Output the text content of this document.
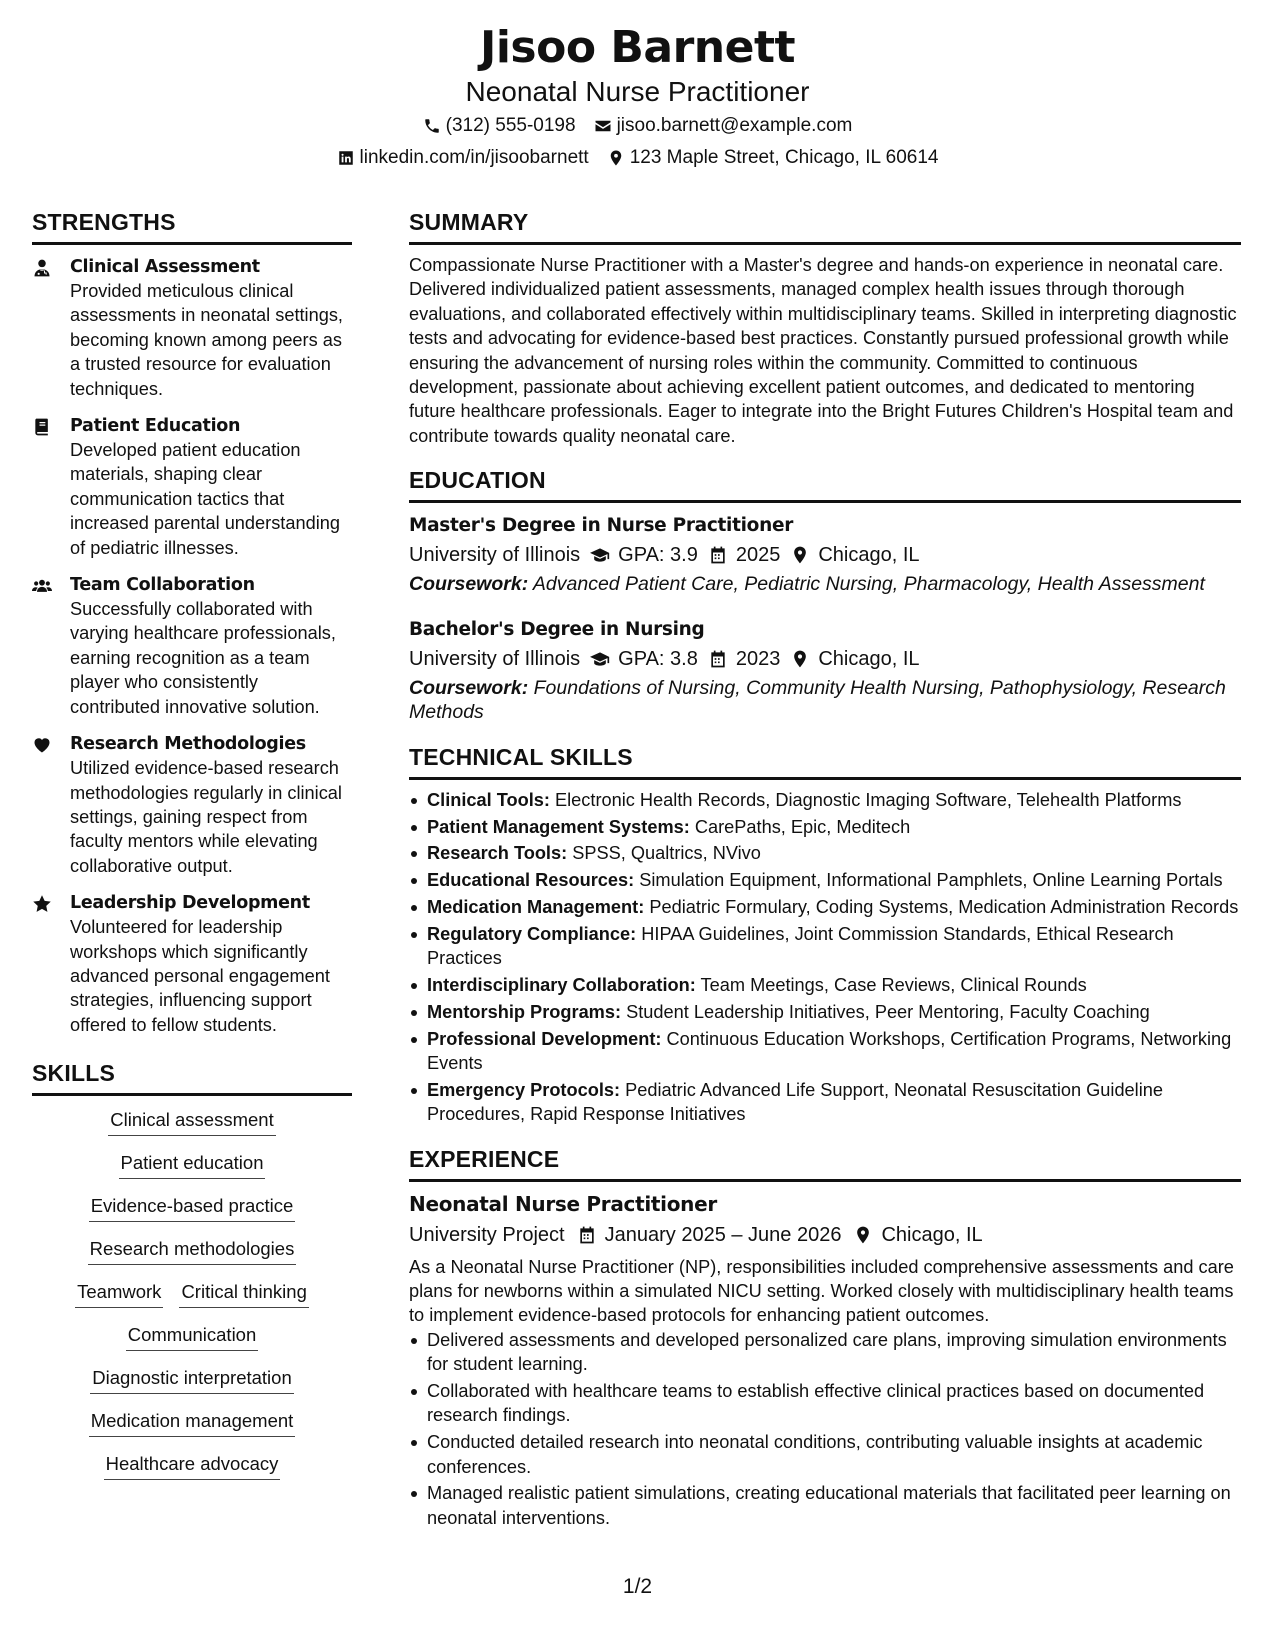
Jisoo Barnett
Neonatal Nurse Practitioner
(312) 555-0198 jisoo.barnett@example.com
linkedin.com/in/jisoobarnett 123 Maple Street, Chicago, IL 60614
STRENGTHS
Clinical Assessment
Provided meticulous clinical assessments in neonatal settings, becoming known among peers as a trusted resource for evaluation techniques.
Patient Education
Developed patient education materials, shaping clear communication tactics that increased parental understanding of pediatric illnesses.
Team Collaboration
Successfully collaborated with varying healthcare professionals, earning recognition as a team player who consistently contributed innovative solution.
Research Methodologies
Utilized evidence-based research methodologies regularly in clinical settings, gaining respect from faculty mentors while elevating collaborative output.
Leadership Development
Volunteered for leadership workshops which significantly advanced personal engagement strategies, influencing support offered to fellow students.
SKILLS
Clinical assessment
Patient education
Evidence-based practice
Research methodologies
Teamwork Critical thinking
Communication
Diagnostic interpretation
Medication management
Healthcare advocacy
SUMMARY
Compassionate Nurse Practitioner with a Master's degree and hands-on experience in neonatal care. Delivered individualized patient assessments, managed complex health issues through thorough evaluations, and collaborated effectively within multidisciplinary teams. Skilled in interpreting diagnostic tests and advocating for evidence-based best practices. Constantly pursued professional growth while ensuring the advancement of nursing roles within the community. Committed to continuous development, passionate about achieving excellent patient outcomes, and dedicated to mentoring future healthcare professionals. Eager to integrate into the Bright Futures Children's Hospital team and contribute towards quality neonatal care.
EDUCATION
Master's Degree in Nurse Practitioner
University of Illinois GPA: 3.9 2025 Chicago, IL
Coursework: Advanced Patient Care, Pediatric Nursing, Pharmacology, Health Assessment
Bachelor's Degree in Nursing
University of Illinois GPA: 3.8 2023 Chicago, IL
Coursework: Foundations of Nursing, Community Health Nursing, Pathophysiology, Research Methods
TECHNICAL SKILLS
Clinical Tools: Electronic Health Records, Diagnostic Imaging Software, Telehealth Platforms
Patient Management Systems: CarePaths, Epic, Meditech
Research Tools: SPSS, Qualtrics, NVivo
Educational Resources: Simulation Equipment, Informational Pamphlets, Online Learning Portals
Medication Management: Pediatric Formulary, Coding Systems, Medication Administration Records
Regulatory Compliance: HIPAA Guidelines, Joint Commission Standards, Ethical Research Practices
Interdisciplinary Collaboration: Team Meetings, Case Reviews, Clinical Rounds
Mentorship Programs: Student Leadership Initiatives, Peer Mentoring, Faculty Coaching
Professional Development: Continuous Education Workshops, Certification Programs, Networking Events
Emergency Protocols: Pediatric Advanced Life Support, Neonatal Resuscitation Guideline Procedures, Rapid Response Initiatives
EXPERIENCE
Neonatal Nurse Practitioner
University Project January 2025 – June 2026 Chicago, IL
As a Neonatal Nurse Practitioner (NP), responsibilities included comprehensive assessments and care plans for newborns within a simulated NICU setting. Worked closely with multidisciplinary health teams to implement evidence-based protocols for enhancing patient outcomes.
Delivered assessments and developed personalized care plans, improving simulation environments for student learning.
Collaborated with healthcare teams to establish effective clinical practices based on documented research findings.
Conducted detailed research into neonatal conditions, contributing valuable insights at academic conferences.
Managed realistic patient simulations, creating educational materials that facilitated peer learning on neonatal interventions.
1/2
